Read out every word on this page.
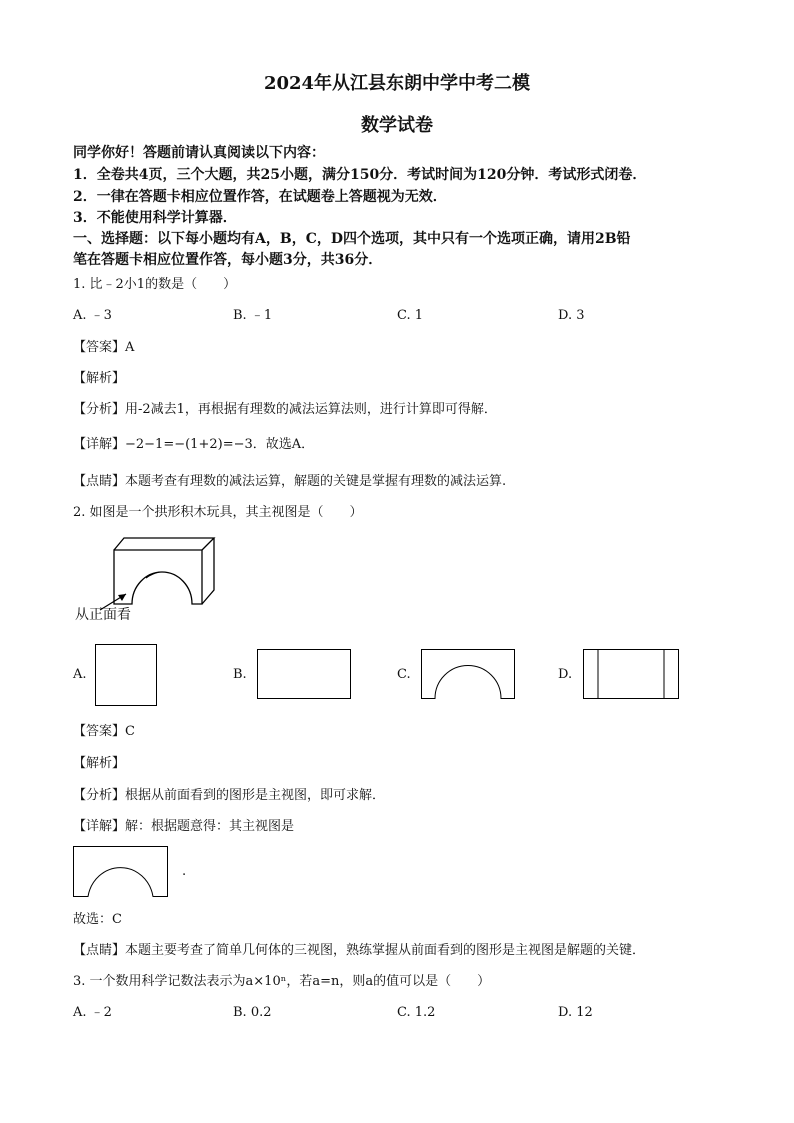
2024年从江县东朗中学中考二模
数学试卷
同学你好！答题前请认真阅读以下内容：
1．全卷共4页，三个大题，共25小题，满分150分．考试时间为120分钟．考试形式闭卷．
2．一律在答题卡相应位置作答，在试题卷上答题视为无效．
3．不能使用科学计算器．
一、选择题：以下每小题均有A，B，C，D四个选项，其中只有一个选项正确，请用2B铅
笔在答题卡相应位置作答，每小题3分，共36分．
1. 比﹣2小1的数是（　　）
A. ﹣3	B. ﹣1	C. 1	D. 3
【答案】A
【解析】
【分析】用-2减去1，再根据有理数的减法运算法则，进行计算即可得解．
【详解】−2−1=−(1+2)=−3．故选A．
【点睛】本题考查有理数的减法运算，解题的关键是掌握有理数的减法运算.
2. 如图是一个拱形积木玩具，其主视图是（　　）
从正面看
A.	B.	C.	D.
【答案】C
【解析】
【分析】根据从前面看到的图形是主视图，即可求解．
【详解】解：根据题意得：其主视图是
.
故选：C
【点睛】本题主要考查了简单几何体的三视图，熟练掌握从前面看到的图形是主视图是解题的关键．
3. 一个数用科学记数法表示为a×10ⁿ，若a=n，则a的值可以是（　　）
A. ﹣2	B. 0.2	C. 1.2	D. 12
